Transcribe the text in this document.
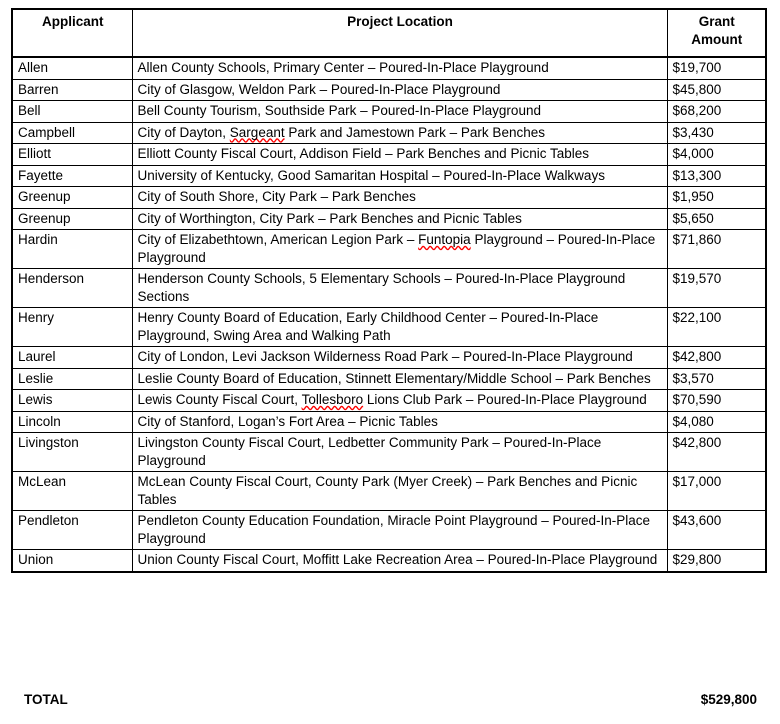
Applicant	Project Location	Grant Amount
Allen	Allen County Schools, Primary Center – Poured-In-Place Playground	$19,700
Barren	City of Glasgow, Weldon Park – Poured-In-Place Playground	$45,800
Bell	Bell County Tourism, Southside Park – Poured-In-Place Playground	$68,200
Campbell	City of Dayton, Sargeant Park and Jamestown Park – Park Benches	$3,430
Elliott	Elliott County Fiscal Court, Addison Field – Park Benches and Picnic Tables	$4,000
Fayette	University of Kentucky, Good Samaritan Hospital – Poured-In-Place Walkways	$13,300
Greenup	City of South Shore, City Park – Park Benches	$1,950
Greenup	City of Worthington, City Park – Park Benches and Picnic Tables	$5,650
Hardin	City of Elizabethtown, American Legion Park – Funtopia Playground – Poured-In-Place Playground	$71,860
Henderson	Henderson County Schools, 5 Elementary Schools – Poured-In-Place Playground Sections	$19,570
Henry	Henry County Board of Education, Early Childhood Center – Poured-In-Place Playground, Swing Area and Walking Path	$22,100
Laurel	City of London, Levi Jackson Wilderness Road Park – Poured-In-Place Playground	$42,800
Leslie	Leslie County Board of Education, Stinnett Elementary/Middle School – Park Benches	$3,570
Lewis	Lewis County Fiscal Court, Tollesboro Lions Club Park – Poured-In-Place Playground	$70,590
Lincoln	City of Stanford, Logan’s Fort Area – Picnic Tables	$4,080
Livingston	Livingston County Fiscal Court, Ledbetter Community Park – Poured-In-Place Playground	$42,800
McLean	McLean County Fiscal Court, County Park (Myer Creek) – Park Benches and Picnic Tables	$17,000
Pendleton	Pendleton County Education Foundation, Miracle Point Playground – Poured-In-Place Playground	$43,600
Union	Union County Fiscal Court, Moffitt Lake Recreation Area – Poured-In-Place Playground	$29,800
TOTAL	$529,800
